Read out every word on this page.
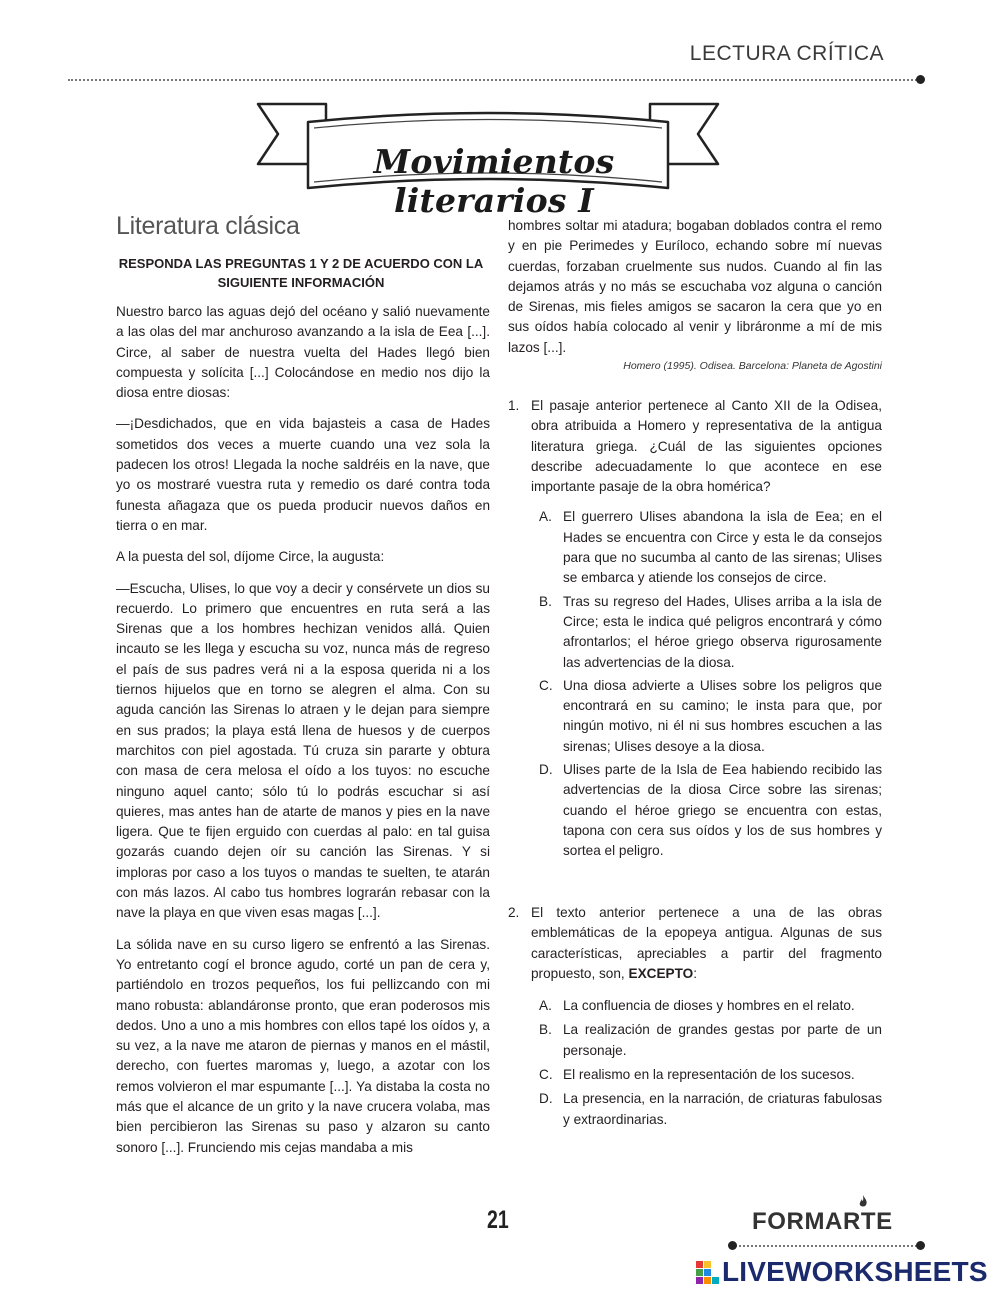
LECTURA CRÍTICA
Movimientos literarios I
Literatura clásica
RESPONDA LAS PREGUNTAS 1 Y 2 DE ACUERDO CON LA SIGUIENTE INFORMACIÓN

Nuestro barco las aguas dejó del océano y salió nuevamente a las olas del mar anchuroso avanzando a la isla de Eea [...]. Circe, al saber de nuestra vuelta del Hades llegó bien compuesta y solícita [...] Colocándose en medio nos dijo la diosa entre diosas:

—¡Desdichados, que en vida bajasteis a casa de Hades sometidos dos veces a muerte cuando una vez sola la padecen los otros! Llegada la noche saldréis en la nave, que yo os mostraré vuestra ruta y remedio os daré contra toda funesta añagaza que os pueda producir nuevos daños en tierra o en mar.

A la puesta del sol, díjome Circe, la augusta:

—Escucha, Ulises, lo que voy a decir y consérvete un dios su recuerdo. Lo primero que encuentres en ruta será a las Sirenas que a los hombres hechizan venidos allá. Quien incauto se les llega y escucha su voz, nunca más de regreso el país de sus padres verá ni a la esposa querida ni a los tiernos hijuelos que en torno se alegren el alma. Con su aguda canción las Sirenas lo atraen y le dejan para siempre en sus prados; la playa está llena de huesos y de cuerpos marchitos con piel agostada. Tú cruza sin pararte y obtura con masa de cera melosa el oído a los tuyos: no escuche ninguno aquel canto; sólo tú lo podrás escuchar si así quieres, mas antes han de atarte de manos y pies en la nave ligera. Que te fijen erguido con cuerdas al palo: en tal guisa gozarás cuando dejen oír su canción las Sirenas. Y si imploras por caso a los tuyos o mandas te suelten, te atarán con más lazos. Al cabo tus hombres lograrán rebasar con la nave la playa en que viven esas magas [...].

La sólida nave en su curso ligero se enfrentó a las Sirenas. Yo entretanto cogí el bronce agudo, corté un pan de cera y, partiéndolo en trozos pequeños, los fui pellizcando con mi mano robusta: ablandáronse pronto, que eran poderosos mis dedos. Uno a uno a mis hombres con ellos tapé los oídos y, a su vez, a la nave me ataron de piernas y manos en el mástil, derecho, con fuertes maromas y, luego, a azotar con los remos volvieron el mar espumante [...]. Ya distaba la costa no más que el alcance de un grito y la nave crucera volaba, mas bien percibieron las Sirenas su paso y alzaron su canto sonoro [...]. Frunciendo mis cejas mandaba a mis

hombres soltar mi atadura; bogaban doblados contra el remo y en pie Perimedes y Euríloco, echando sobre mí nuevas cuerdas, forzaban cruelmente sus nudos. Cuando al fin las dejamos atrás y no más se escuchaba voz alguna o canción de Sirenas, mis fieles amigos se sacaron la cera que yo en sus oídos había colocado al venir y libráronme a mí de mis lazos [...].

Homero (1995). Odisea. Barcelona: Planeta de Agostini
1. El pasaje anterior pertenece al Canto XII de la Odisea, obra atribuida a Homero y representativa de la antigua literatura griega. ¿Cuál de las siguientes opciones describe adecuadamente lo que acontece en ese importante pasaje de la obra homérica?
A. El guerrero Ulises abandona la isla de Eea; en el Hades se encuentra con Circe y esta le da consejos para que no sucumba al canto de las sirenas; Ulises se embarca y atiende los consejos de circe.
B. Tras su regreso del Hades, Ulises arriba a la isla de Circe; esta le indica qué peligros encontrará y cómo afrontarlos; el héroe griego observa rigurosamente las advertencias de la diosa.
C. Una diosa advierte a Ulises sobre los peligros que encontrará en su camino; le insta para que, por ningún motivo, ni él ni sus hombres escuchen a las sirenas; Ulises desoye a la diosa.
D. Ulises parte de la Isla de Eea habiendo recibido las advertencias de la diosa Circe sobre las sirenas; cuando el héroe griego se encuentra con estas, tapona con cera sus oídos y los de sus hombres y sortea el peligro.
2. El texto anterior pertenece a una de las obras emblemáticas de la epopeya antigua. Algunas de sus características, apreciables a partir del fragmento propuesto, son, EXCEPTO:
A. La confluencia de dioses y hombres en el relato.
B. La realización de grandes gestas por parte de un personaje.
C. El realismo en la representación de los sucesos.
D. La presencia, en la narración, de criaturas fabulosas y extraordinarias.
21	FORMARTE
LIVEWORKSHEETS
